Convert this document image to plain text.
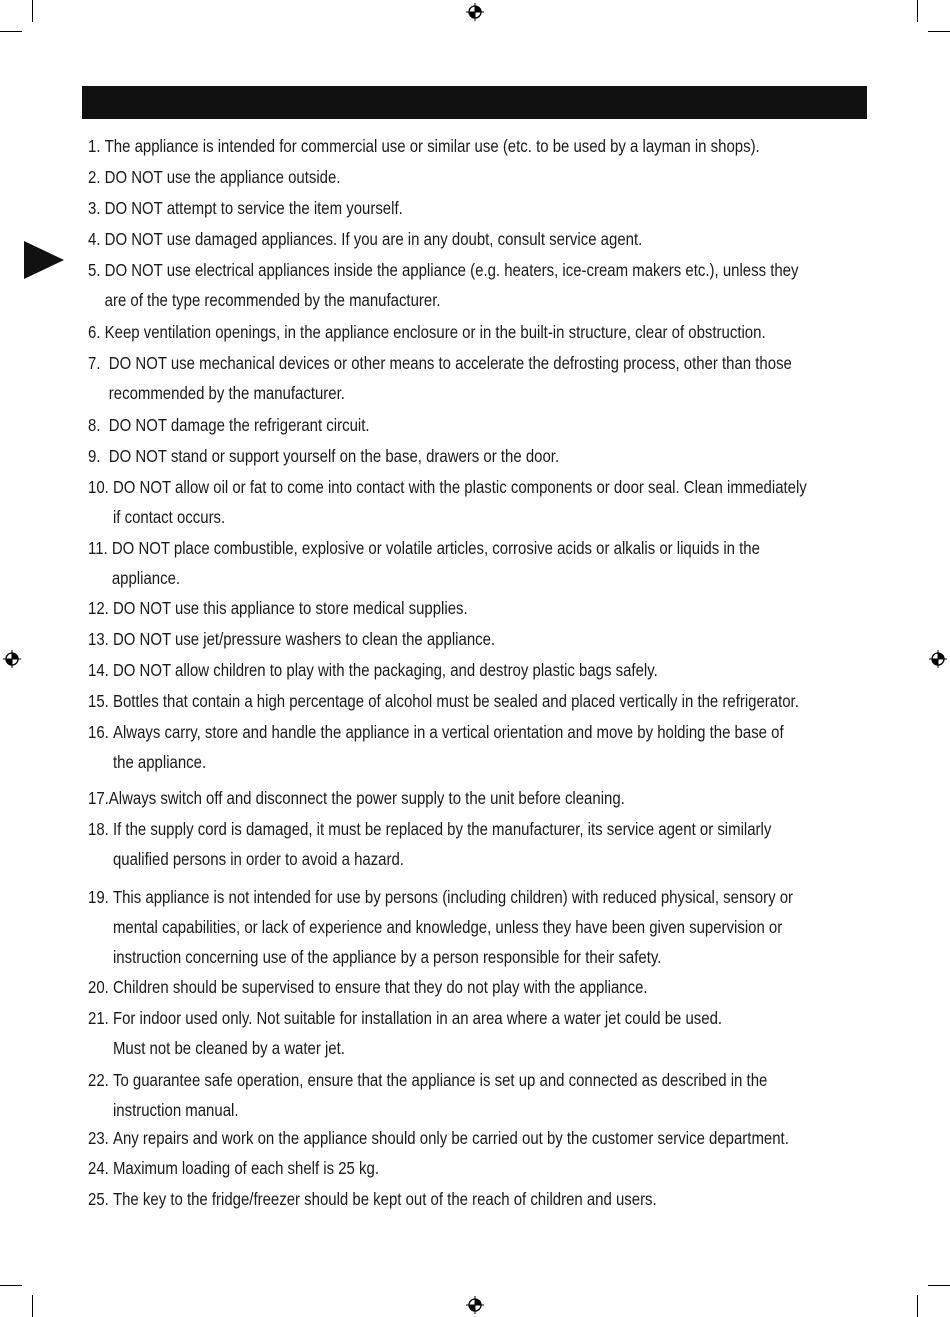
1.
The appliance is intended for commercial use or similar use (etc. to be used by a layman in shops).
2.
DO NOT use the appliance outside.
3.
DO NOT attempt to service the item yourself.
4.
DO NOT use damaged appliances. If you are in any doubt, consult service agent.
5.
DO NOT use electrical appliances inside the appliance (e.g. heaters, ice-cream makers etc.), unless they
are of the type recommended by the manufacturer.
6.
Keep ventilation openings, in the appliance enclosure or in the built-in structure, clear of obstruction.
7.
DO NOT use mechanical devices or other means to accelerate the defrosting process, other than those
recommended by the manufacturer.
8.
DO NOT damage the refrigerant circuit.
9.
DO NOT stand or support yourself on the base, drawers or the door.
10.
DO NOT allow oil or fat to come into contact with the plastic components or door seal. Clean immediately
if contact occurs.
11.
DO NOT place combustible, explosive or volatile articles, corrosive acids or alkalis or liquids in the
appliance.
12.
DO NOT use this appliance to store medical supplies.
13.
DO NOT use jet/pressure washers to clean the appliance.
14.
DO NOT allow children to play with the packaging, and destroy plastic bags safely.
15.
Bottles that contain a high percentage of alcohol must be sealed and placed vertically in the refrigerator.
16.
Always carry, store and handle the appliance in a vertical orientation and move by holding the base of
the appliance.
17. Always switch off and disconnect the power supply to the unit before cleaning.
18.
If the supply cord is damaged, it must be replaced by the manufacturer, its service agent or similarly
qualified persons in order to avoid a hazard.
19.
This appliance is not intended for use by persons (including children) with reduced physical, sensory or
mental capabilities, or lack of experience and knowledge, unless they have been given supervision or
instruction concerning use of the appliance by a person responsible for their safety.
20.
Children should be supervised to ensure that they do not play with the appliance.
21.
For indoor used only. Not suitable for installation in an area where a water jet could be used.
Must not be cleaned by a water jet.
22.
To guarantee safe operation, ensure that the appliance is set up and connected as described in the
instruction manual.
23.
Any repairs and work on the appliance should only be carried out by the customer service department.
24.
Maximum loading of each shelf is 25 kg.
25.
The key to the fridge/freezer should be kept out of the reach of children and users.
